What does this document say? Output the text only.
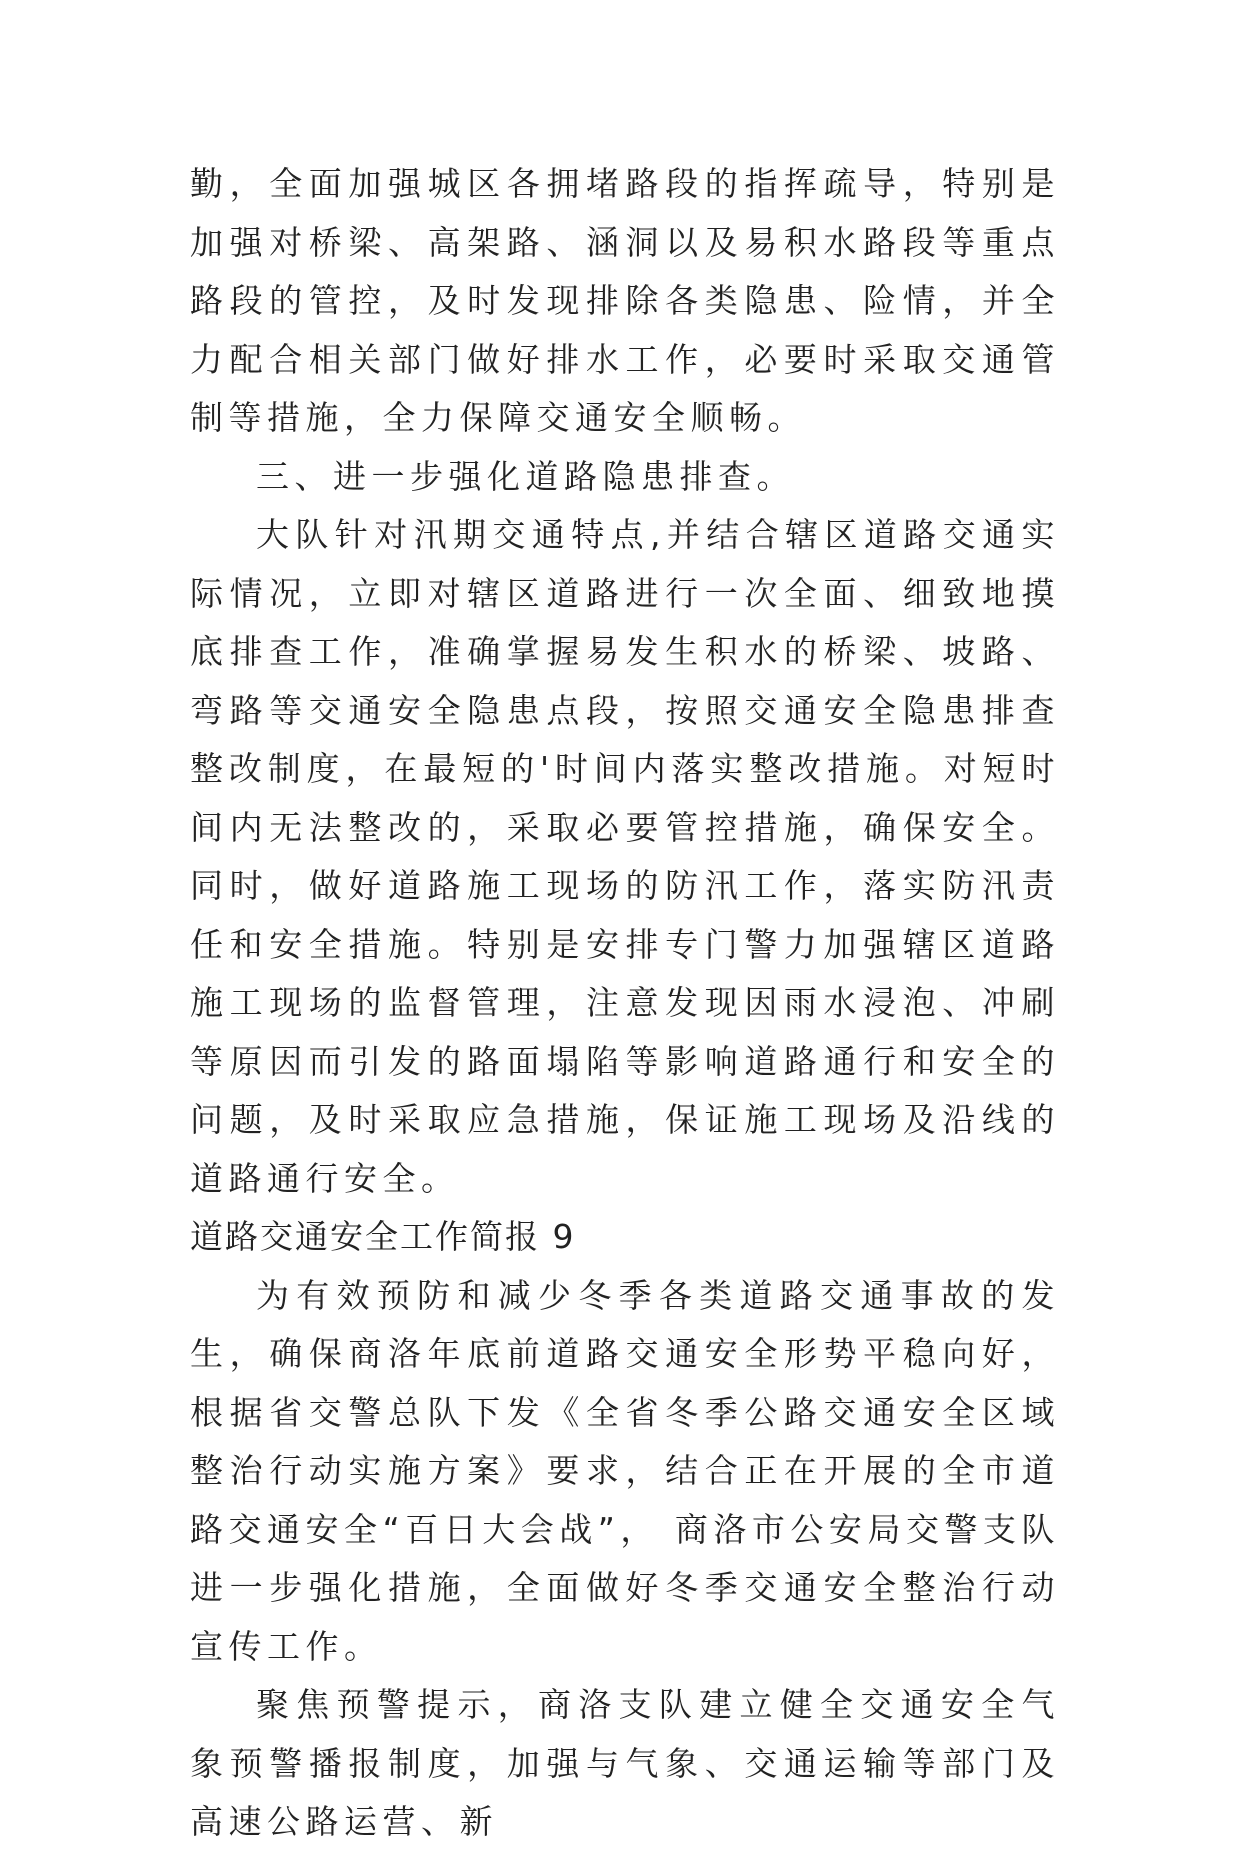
勤，全面加强城区各拥堵路段的指挥疏导，特别是加强对桥梁、高架路、涵洞以及易积水路段等重点路段的管控，及时发现排除各类隐患、险情，并全力配合相关部门做好排水工作，必要时采取交通管制等措施，全力保障交通安全顺畅。

三、进一步强化道路隐患排查。

大队针对汛期交通特点,并结合辖区道路交通实际情况，立即对辖区道路进行一次全面、细致地摸底排查工作，准确掌握易发生积水的桥梁、坡路、弯路等交通安全隐患点段，按照交通安全隐患排查整改制度，在最短的'时间内落实整改措施。对短时间内无法整改的，采取必要管控措施，确保安全。同时，做好道路施工现场的防汛工作，落实防汛责任和安全措施。特别是安排专门警力加强辖区道路施工现场的监督管理，注意发现因雨水浸泡、冲刷等原因而引发的路面塌陷等影响道路通行和安全的问题，及时采取应急措施，保证施工现场及沿线的道路通行安全。

道路交通安全工作简报 9

为有效预防和减少冬季各类道路交通事故的发生，确保商洛年底前道路交通安全形势平稳向好，根据省交警总队下发《全省冬季公路交通安全区域整治行动实施方案》要求，结合正在开展的全市道路交通安全“百日大会战”， 商洛市公安局交警支队进一步强化措施，全面做好冬季交通安全整治行动宣传工作。

聚焦预警提示，商洛支队建立健全交通安全气象预警播报制度，加强与气象、交通运输等部门及高速公路运营、新
